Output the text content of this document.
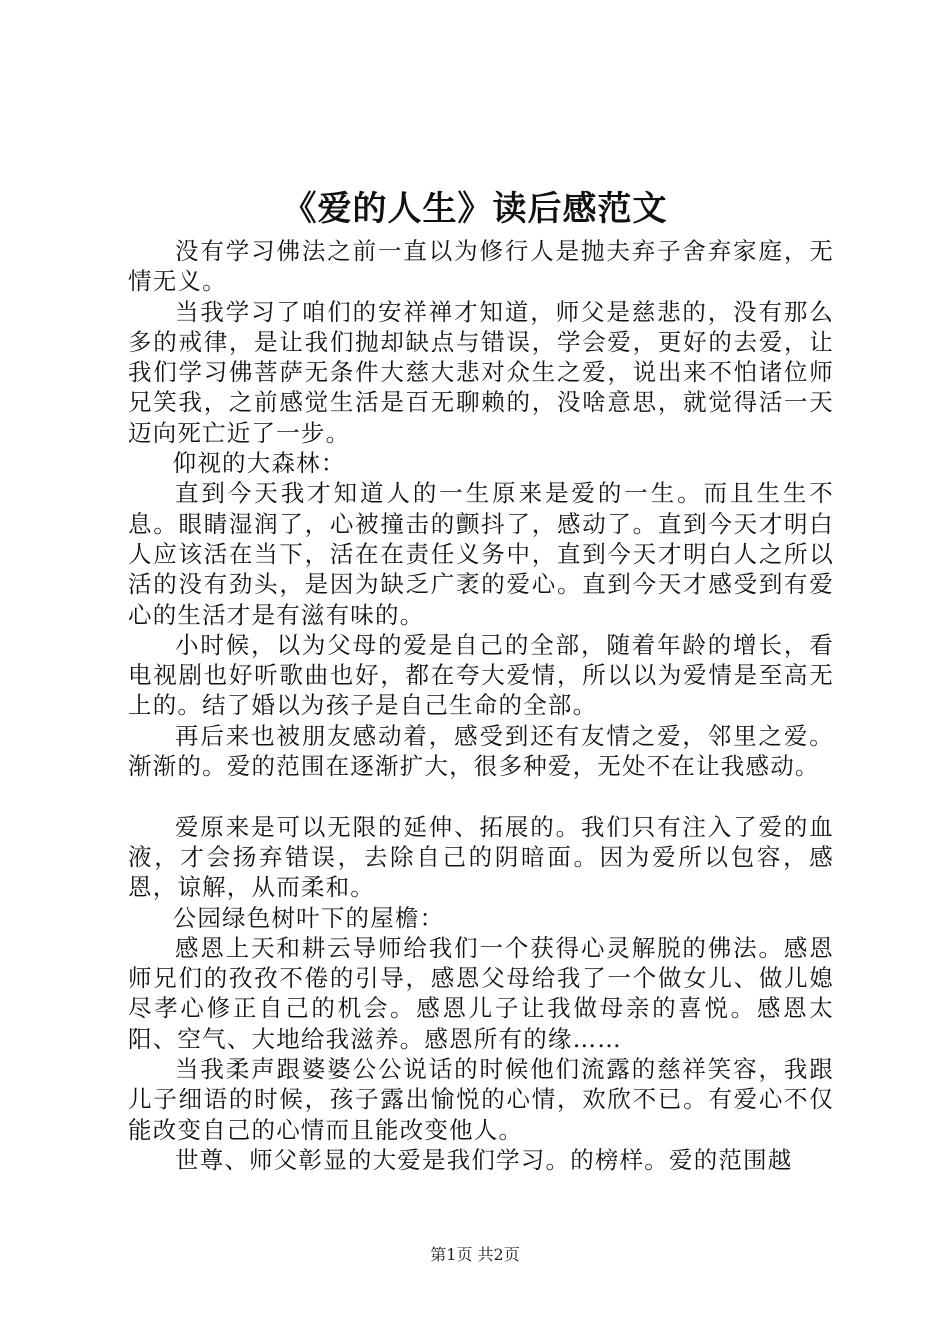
《爱的人生》读后感范文

没有学习佛法之前一直以为修行人是抛夫弃子舍弃家庭，无情无义。

当我学习了咱们的安祥禅才知道，师父是慈悲的，没有那么多的戒律，是让我们抛却缺点与错误，学会爱，更好的去爱，让我们学习佛菩萨无条件大慈大悲对众生之爱，说出来不怕诸位师兄笑我，之前感觉生活是百无聊赖的，没啥意思，就觉得活一天迈向死亡近了一步。

仰视的大森林：

直到今天我才知道人的一生原来是爱的一生。而且生生不息。眼睛湿润了，心被撞击的颤抖了，感动了。直到今天才明白人应该活在当下，活在在责任义务中，直到今天才明白人之所以活的没有劲头，是因为缺乏广袤的爱心。直到今天才感受到有爱心的生活才是有滋有味的。

小时候，以为父母的爱是自己的全部，随着年龄的增长，看电视剧也好听歌曲也好，都在夸大爱情，所以以为爱情是至高无上的。结了婚以为孩子是自己生命的全部。

再后来也被朋友感动着，感受到还有友情之爱，邻里之爱。渐渐的。爱的范围在逐渐扩大，很多种爱，无处不在让我感动。

爱原来是可以无限的延伸、拓展的。我们只有注入了爱的血液，才会扬弃错误，去除自己的阴暗面。因为爱所以包容，感恩，谅解，从而柔和。

公园绿色树叶下的屋檐：

感恩上天和耕云导师给我们一个获得心灵解脱的佛法。感恩师兄们的孜孜不倦的引导，感恩父母给我了一个做女儿、做儿媳尽孝心修正自己的机会。感恩儿子让我做母亲的喜悦。感恩太阳、空气、大地给我滋养。感恩所有的缘……

当我柔声跟婆婆公公说话的时候他们流露的慈祥笑容，我跟儿子细语的时候，孩子露出愉悦的心情，欢欣不已。有爱心不仅能改变自己的心情而且能改变他人。

世尊、师父彰显的大爱是我们学习。的榜样。爱的范围越

第1页 共2页
